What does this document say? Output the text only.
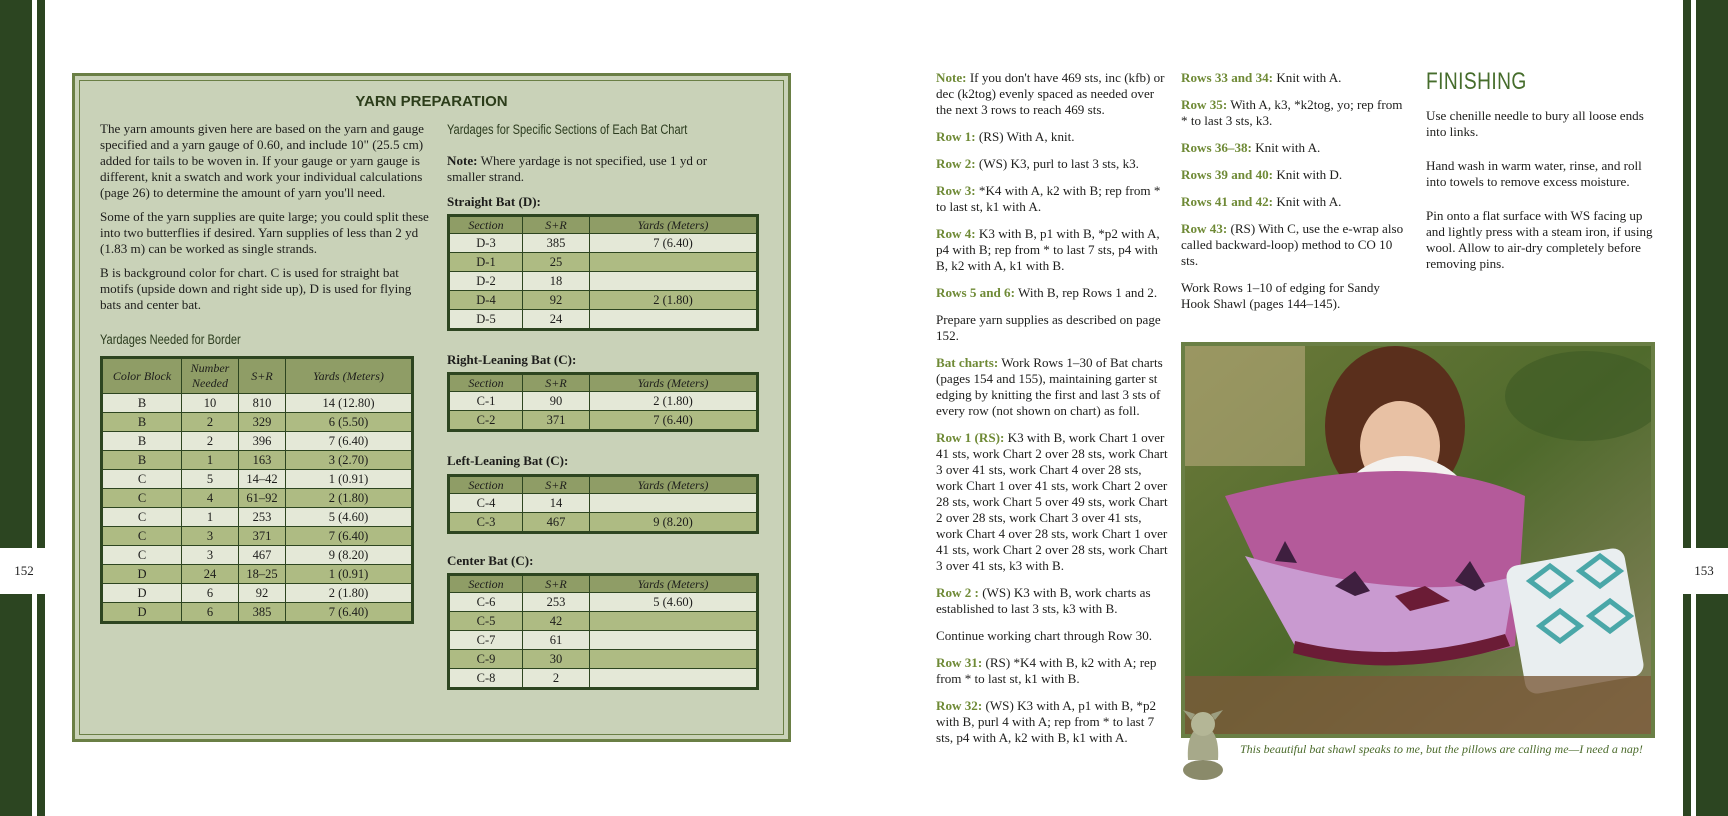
152	153
YARN PREPARATION

The yarn amounts given here are based on the yarn and gauge specified and a yarn gauge of 0.60, and include 10" (25.5 cm) added for tails to be woven in. If your gauge or yarn gauge is different, knit a swatch and work your individual calculations (page 26) to determine the amount of yarn you'll need.

Some of the yarn supplies are quite large; you could split these into two butterflies if desired. Yarn supplies of less than 2 yd (1.83 m) can be worked as single strands.

B is background color for chart. C is used for straight bat motifs (upside down and right side up), D is used for flying bats and center bat.

Yardages Needed for Border
Color Block	Number Needed	S+R	Yards (Meters)
B	10	810	14 (12.80)
B	2	329	6 (5.50)
B	2	396	7 (6.40)
B	1	163	3 (2.70)
C	5	14–42	1 (0.91)
C	4	61–92	2 (1.80)
C	1	253	5 (4.60)
C	3	371	7 (6.40)
C	3	467	9 (8.20)
D	24	18–25	1 (0.91)
D	6	92	2 (1.80)
D	6	385	7 (6.40)
Yardages for Specific Sections of Each Bat Chart
Note: Where yardage is not specified, use 1 yd or smaller strand.
Straight Bat (D):
Section	S+R	Yards (Meters)
D-3	385	7 (6.40)
D-1	25	
D-2	18	
D-4	92	2 (1.80)
D-5	24	
Right-Leaning Bat (C):
Section	S+R	Yards (Meters)
C-1	90	2 (1.80)
C-2	371	7 (6.40)
Left-Leaning Bat (C):
Section	S+R	Yards (Meters)
C-4	14	
C-3	467	9 (8.20)
Center Bat (C):
Section	S+R	Yards (Meters)
C-6	253	5 (4.60)
C-5	42	
C-7	61	
C-9	30	
C-8	2	

Note: If you don't have 469 sts, inc (kfb) or dec (k2tog) evenly spaced as needed over the next 3 rows to reach 469 sts.

Row 1: (RS) With A, knit.

Row 2: (WS) K3, purl to last 3 sts, k3.

Row 3: *K4 with A, k2 with B; rep from * to last st, k1 with A.

Row 4: K3 with B, p1 with B, *p2 with A, p4 with B; rep from * to last 7 sts, p4 with B, k2 with A, k1 with B.

Rows 5 and 6: With B, rep Rows 1 and 2.

Prepare yarn supplies as described on page 152.

Bat charts: Work Rows 1–30 of Bat charts (pages 154 and 155), maintaining garter st edging by knitting the first and last 3 sts of every row (not shown on chart) as foll.

Row 1 (RS): K3 with B, work Chart 1 over 41 sts, work Chart 2 over 28 sts, work Chart 3 over 41 sts, work Chart 4 over 28 sts, work Chart 1 over 41 sts, work Chart 2 over 28 sts, work Chart 5 over 49 sts, work Chart 2 over 28 sts, work Chart 3 over 41 sts, work Chart 4 over 28 sts, work Chart 1 over 41 sts, work Chart 2 over 28 sts, work Chart 3 over 41 sts, k3 with B.

Row 2 : (WS) K3 with B, work charts as established to last 3 sts, k3 with B.

Continue working chart through Row 30.

Row 31: (RS) *K4 with B, k2 with A; rep from * to last st, k1 with B.

Row 32: (WS) K3 with A, p1 with B, *p2 with B, purl 4 with A; rep from * to last 7 sts, p4 with A, k2 with B, k1 with A.

Rows 33 and 34: Knit with A.

Row 35: With A, k3, *k2tog, yo; rep from * to last 3 sts, k3.

Rows 36–38: Knit with A.

Rows 39 and 40: Knit with D.

Rows 41 and 42: Knit with A.

Row 43: (RS) With C, use the e-wrap also called backward-loop) method to CO 10 sts.

Work Rows 1–10 of edging for Sandy Hook Shawl (pages 144–145).

FINISHING

Use chenille needle to bury all loose ends into links.

Hand wash in warm water, rinse, and roll into towels to remove excess moisture.

Pin onto a flat surface with WS facing up and lightly press with a steam iron, if using wool. Allow to air-dry completely before removing pins.

This beautiful bat shawl speaks to me, but the pillows are calling me—I need a nap!
